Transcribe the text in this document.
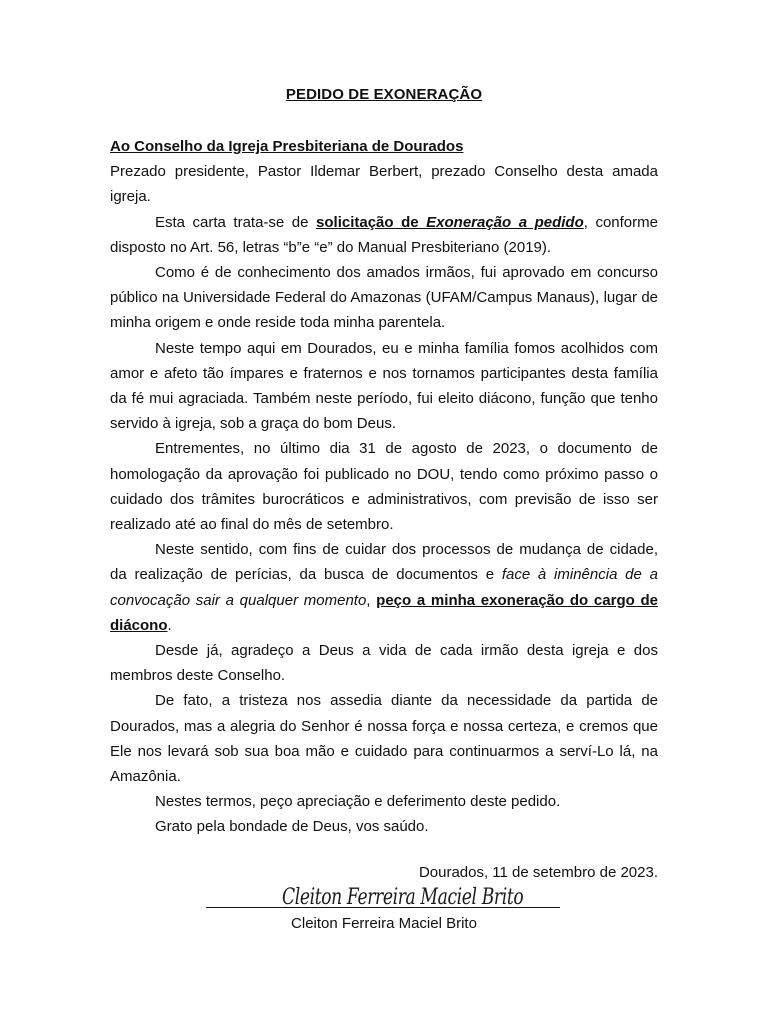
PEDIDO DE EXONERAÇÃO

Ao Conselho da Igreja Presbiteriana de Dourados

Prezado presidente, Pastor Ildemar Berbert, prezado Conselho desta amada igreja.

Esta carta trata-se de solicitação de Exoneração a pedido, conforme disposto no Art. 56, letras “b”e “e” do Manual Presbiteriano (2019).

Como é de conhecimento dos amados irmãos, fui aprovado em concurso público na Universidade Federal do Amazonas (UFAM/Campus Manaus), lugar de minha origem e onde reside toda minha parentela.

Neste tempo aqui em Dourados, eu e minha família fomos acolhidos com amor e afeto tão ímpares e fraternos e nos tornamos participantes desta família da fé mui agraciada. Também neste período, fui eleito diácono, função que tenho servido à igreja, sob a graça do bom Deus.

Entrementes, no último dia 31 de agosto de 2023, o documento de homologação da aprovação foi publicado no DOU, tendo como próximo passo o cuidado dos trâmites burocráticos e administrativos, com previsão de isso ser realizado até ao final do mês de setembro.

Neste sentido, com fins de cuidar dos processos de mudança de cidade, da realização de perícias, da busca de documentos e face à iminência de a convocação sair a qualquer momento, peço a minha exoneração do cargo de diácono.

Desde já, agradeço a Deus a vida de cada irmão desta igreja e dos membros deste Conselho.

De fato, a tristeza nos assedia diante da necessidade da partida de Dourados, mas a alegria do Senhor é nossa força e nossa certeza, e cremos que Ele nos levará sob sua boa mão e cuidado para continuarmos a serví-Lo lá, na Amazônia.

Nestes termos, peço apreciação e deferimento deste pedido.

Grato pela bondade de Deus, vos saúdo.

Dourados, 11 de setembro de 2023.
Cleiton Ferreira Maciel Brito
Cleiton Ferreira Maciel Brito
